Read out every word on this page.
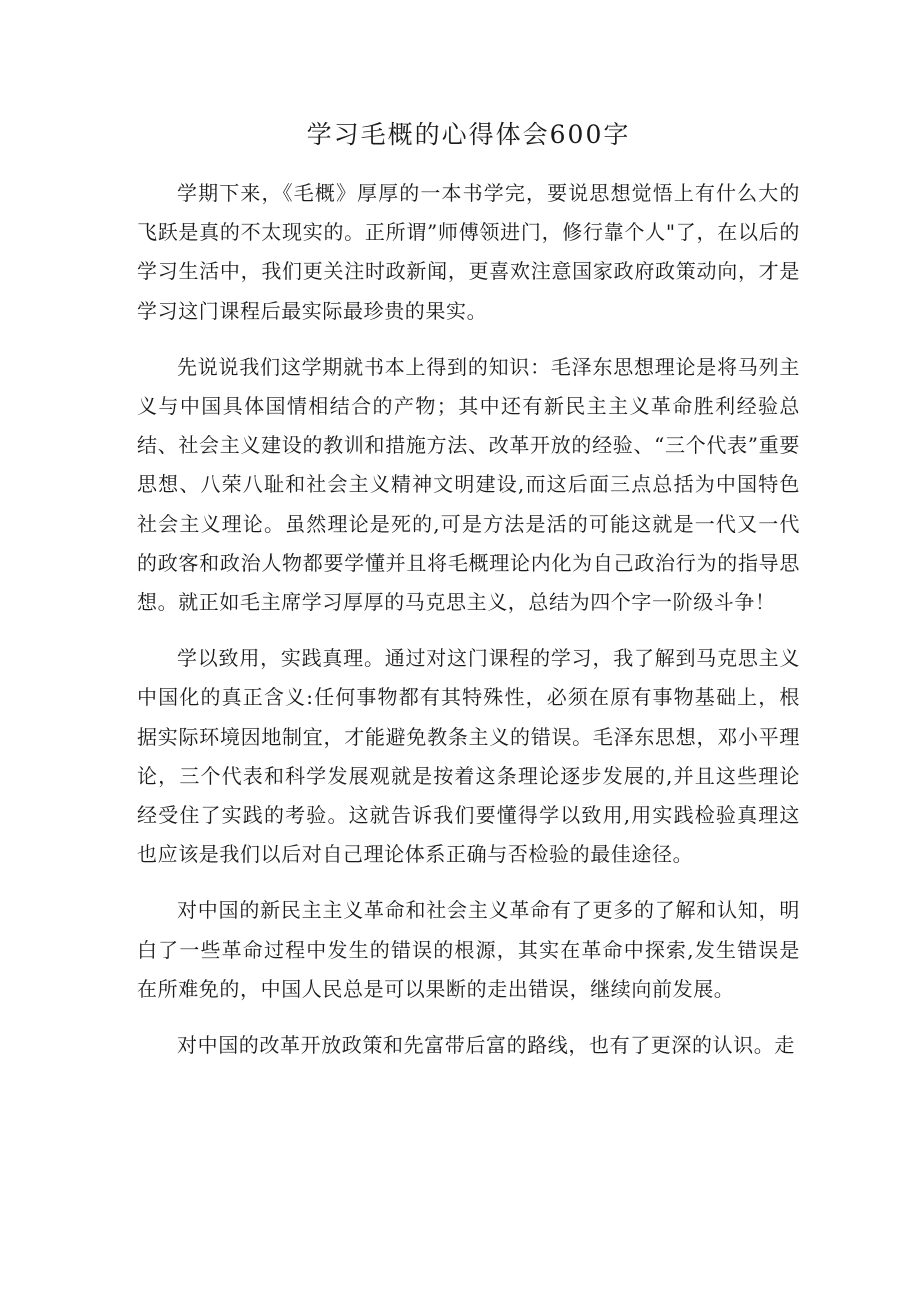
学习毛概的心得体会600字

学期下来，《毛概》厚厚的一本书学完，要说思想觉悟上有什么大的飞跃是真的不太现实的。正所谓”师傅领进门，修行靠个人"了，在以后的学习生活中，我们更关注时政新闻，更喜欢注意国家政府政策动向，才是学习这门课程后最实际最珍贵的果实。

先说说我们这学期就书本上得到的知识：毛泽东思想理论是将马列主义与中国具体国情相结合的产物；其中还有新民主主义革命胜利经验总结、社会主义建设的教训和措施方法、改革开放的经验、“三个代表”重要思想、八荣八耻和社会主义精神文明建设,而这后面三点总括为中国特色社会主义理论。虽然理论是死的,可是方法是活的可能这就是一代又一代的政客和政治人物都要学懂并且将毛概理论内化为自己政治行为的指导思想。就正如毛主席学习厚厚的马克思主义，总结为四个字一阶级斗争！

学以致用，实践真理。通过对这门课程的学习，我了解到马克思主义中国化的真正含义:任何事物都有其特殊性，必须在原有事物基础上，根据实际环境因地制宜，才能避免教条主义的错误。毛泽东思想，邓小平理论，三个代表和科学发展观就是按着这条理论逐步发展的,并且这些理论经受住了实践的考验。这就告诉我们要懂得学以致用,用实践检验真理这也应该是我们以后对自己理论体系正确与否检验的最佳途径。

对中国的新民主主义革命和社会主义革命有了更多的了解和认知，明白了一些革命过程中发生的错误的根源，其实在革命中探索,发生错误是在所难免的，中国人民总是可以果断的走出错误，继续向前发展。

对中国的改革开放政策和先富带后富的路线，也有了更深的认识。走
